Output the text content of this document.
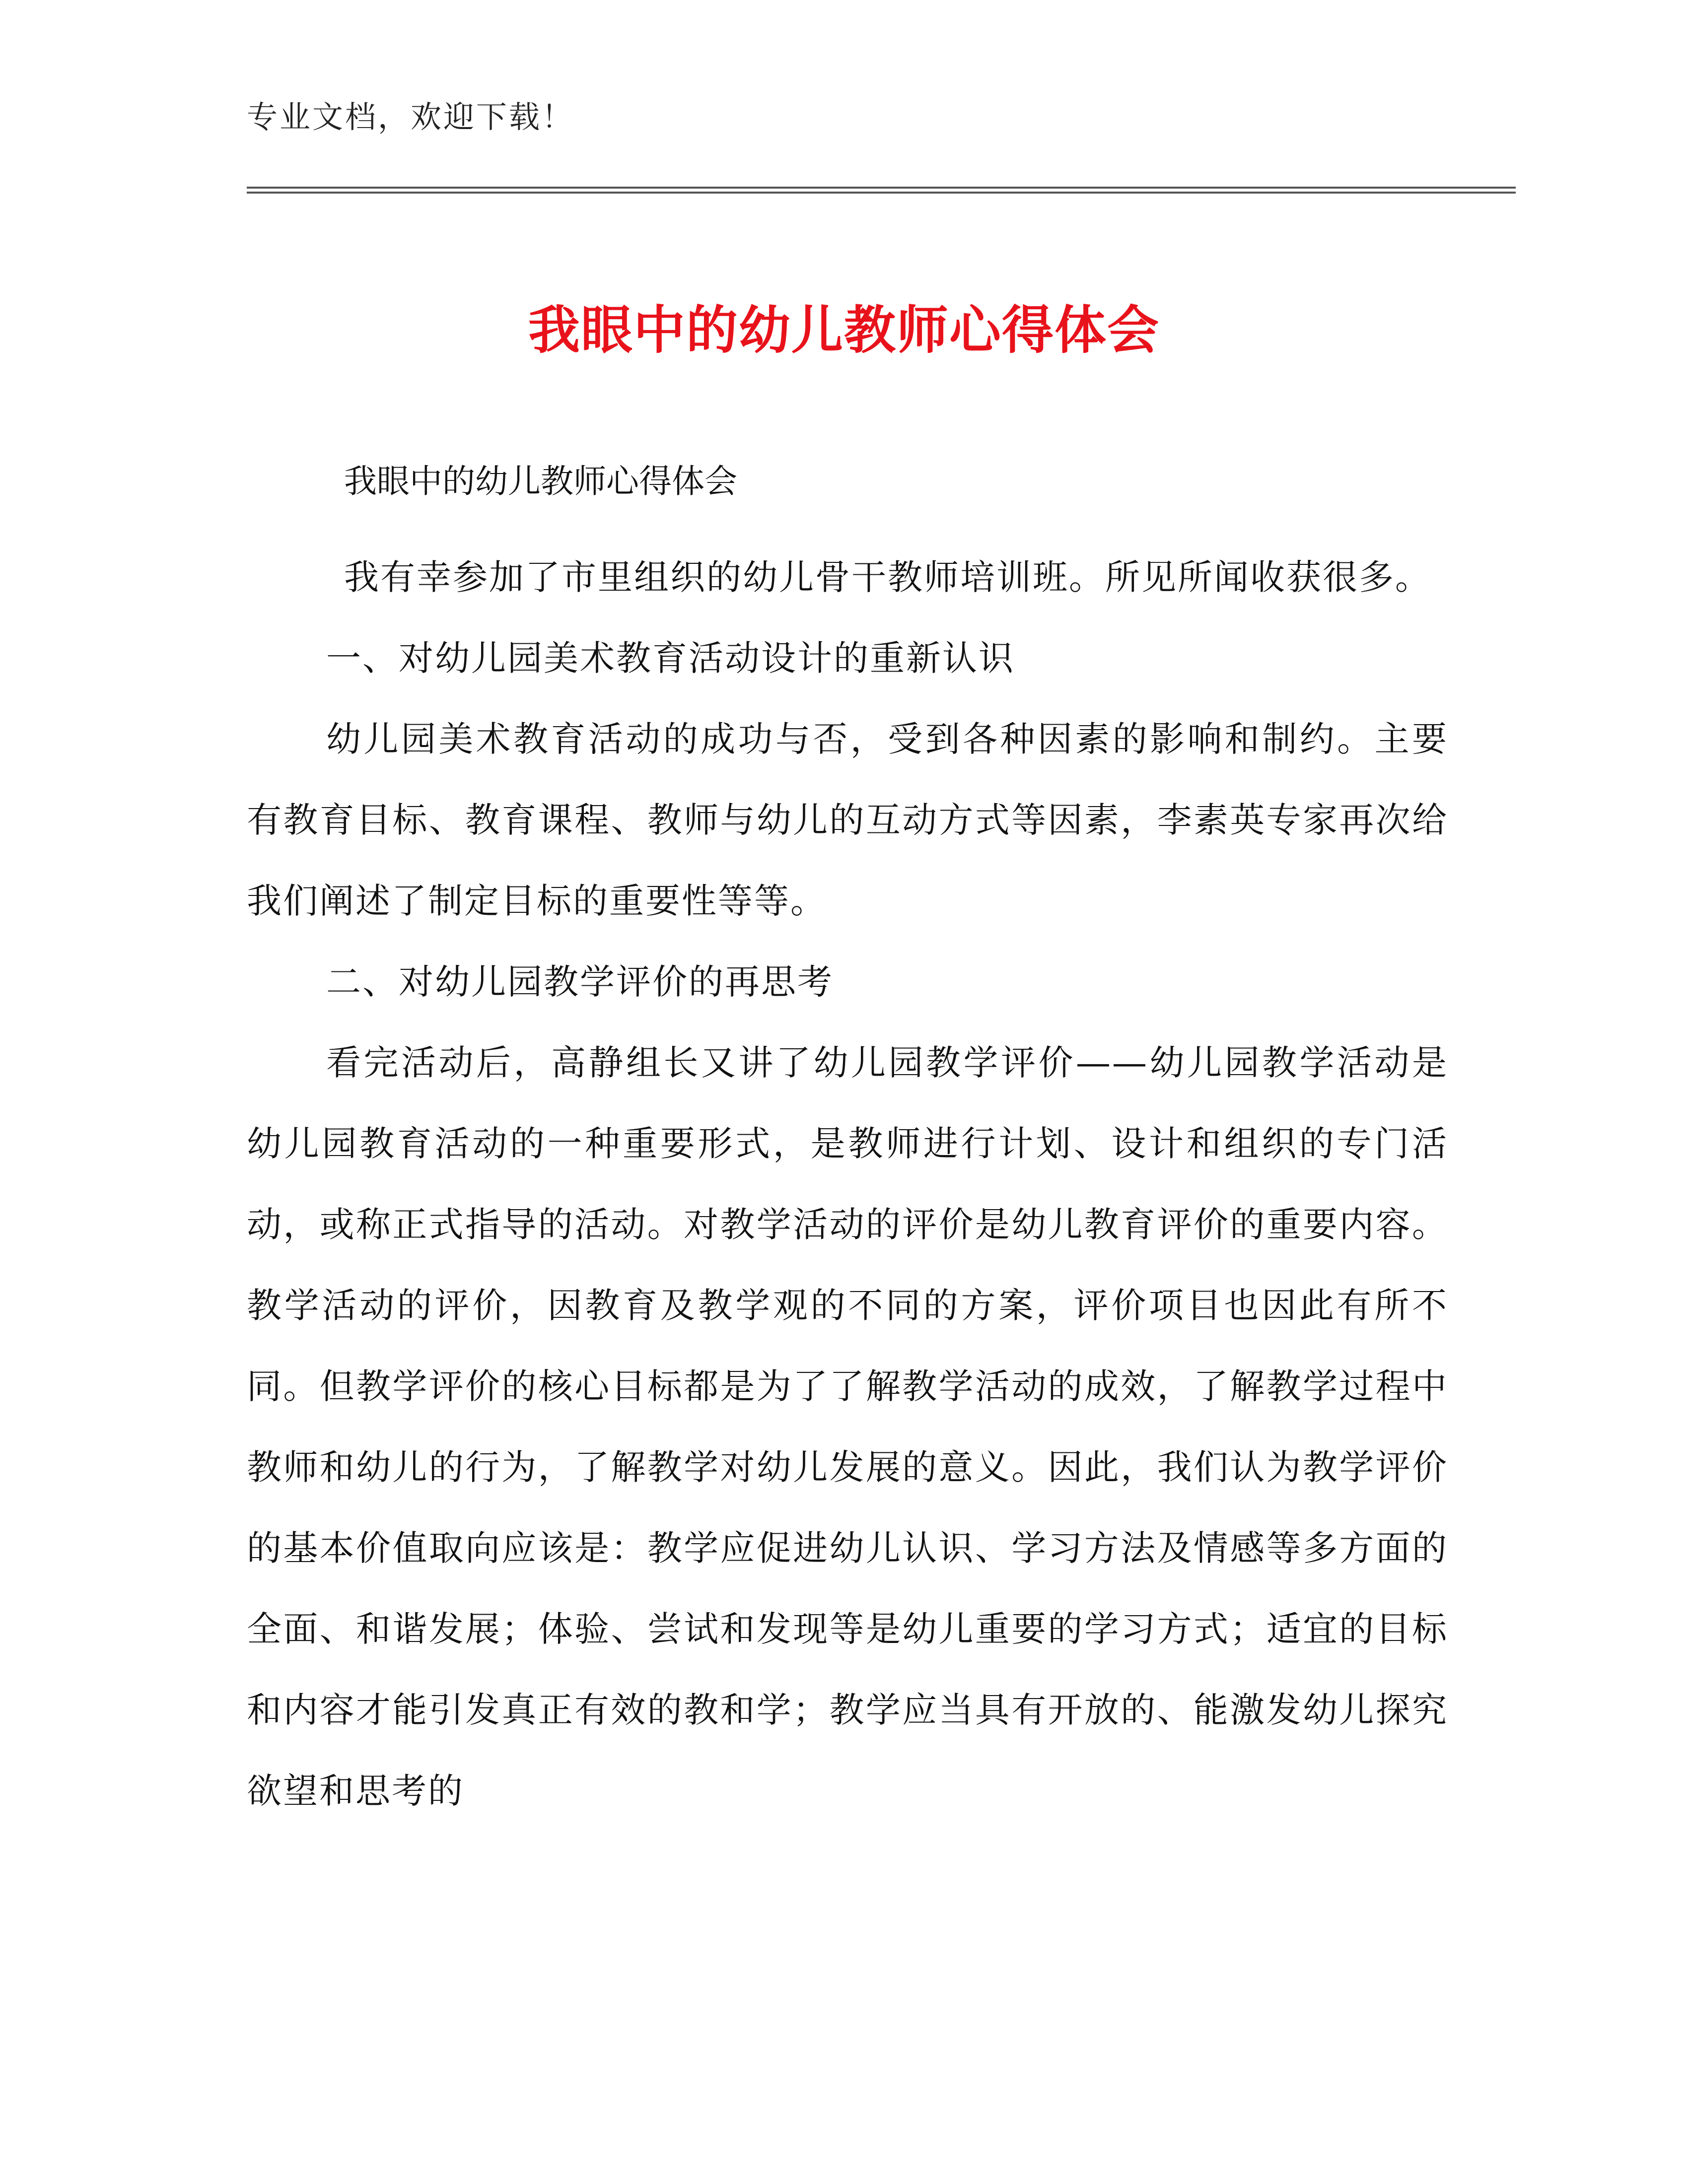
专业文档，欢迎下载！
我眼中的幼儿教师心得体会

我眼中的幼儿教师心得体会

我有幸参加了市里组织的幼儿骨干教师培训班。所见所闻收获很多。

一、对幼儿园美术教育活动设计的重新认识

幼儿园美术教育活动的成功与否，受到各种因素的影响和制约。主要有教育目标、教育课程、教师与幼儿的互动方式等因素，李素英专家再次给我们阐述了制定目标的重要性等等。

二、对幼儿园教学评价的再思考

看完活动后，高静组长又讲了幼儿园教学评价——幼儿园教学活动是幼儿园教育活动的一种重要形式，是教师进行计划、设计和组织的专门活动，或称正式指导的活动。对教学活动的评价是幼儿教育评价的重要内容。教学活动的评价，因教育及教学观的不同的方案，评价项目也因此有所不同。但教学评价的核心目标都是为了了解教学活动的成效，了解教学过程中教师和幼儿的行为，了解教学对幼儿发展的意义。因此，我们认为教学评价的基本价值取向应该是：教学应促进幼儿认识、学习方法及情感等多方面的全面、和谐发展；体验、尝试和发现等是幼儿重要的学习方式；适宜的目标和内容才能引发真正有效的教和学；教学应当具有开放的、能激发幼儿探究欲望和思考的
